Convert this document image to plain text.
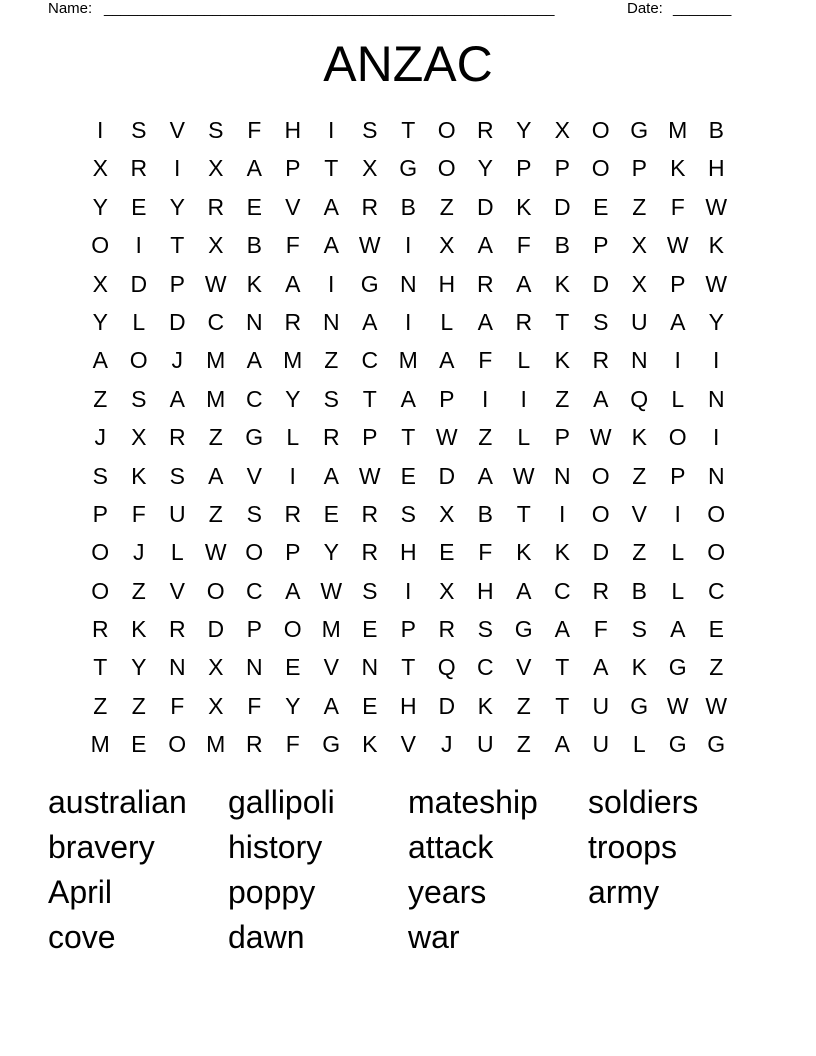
Name: ______________________________________________________	Date: _______
ANZAC
I	S	V	S	F	H	I	S	T O R Y	X O G M B
X R	I	X	A	P	T	X G O Y	P	P O P	K H
Y	E	Y R E	V	A R B	Z	D K D E	Z	F W
O	I	T	X	B	F	A W	I	X	A	F	B	P	X W K
X D P W K	A	I	G N H R A	K D X	P W
Y	L	D C N R N A	I	L	A R	T	S U A	Y
A O	J	M A M Z	C M A	F	L	K R N	I	I
Z	S	A M C Y	S	T	A	P	I	I	Z	A Q	L	N
J	X R	Z G	L	R P	T W Z	L	P W K O	I
S	K	S	A	V	I	A W E D A W N O Z	P N
P	F	U	Z	S R E R S	X	B	T	I	O V	I	O
O	J	L W O P	Y R H E	F	K	K D	Z	L	O
O Z	V O C A W S	I	X H A C R B	L	C
R K R D P O M E	P R S G A	F	S	A	E
T	Y N X N E	V N	T Q C V	T	A	K G Z
Z	Z	F	X	F	Y	A	E H D K	Z	T	U G W W
M E O M R	F G K	V	J	U	Z	A U	L	G G
australian	gallipoli	mateship	soldiers
bravery	history	attack	troops
April	poppy	years	army
cove	dawn	war
